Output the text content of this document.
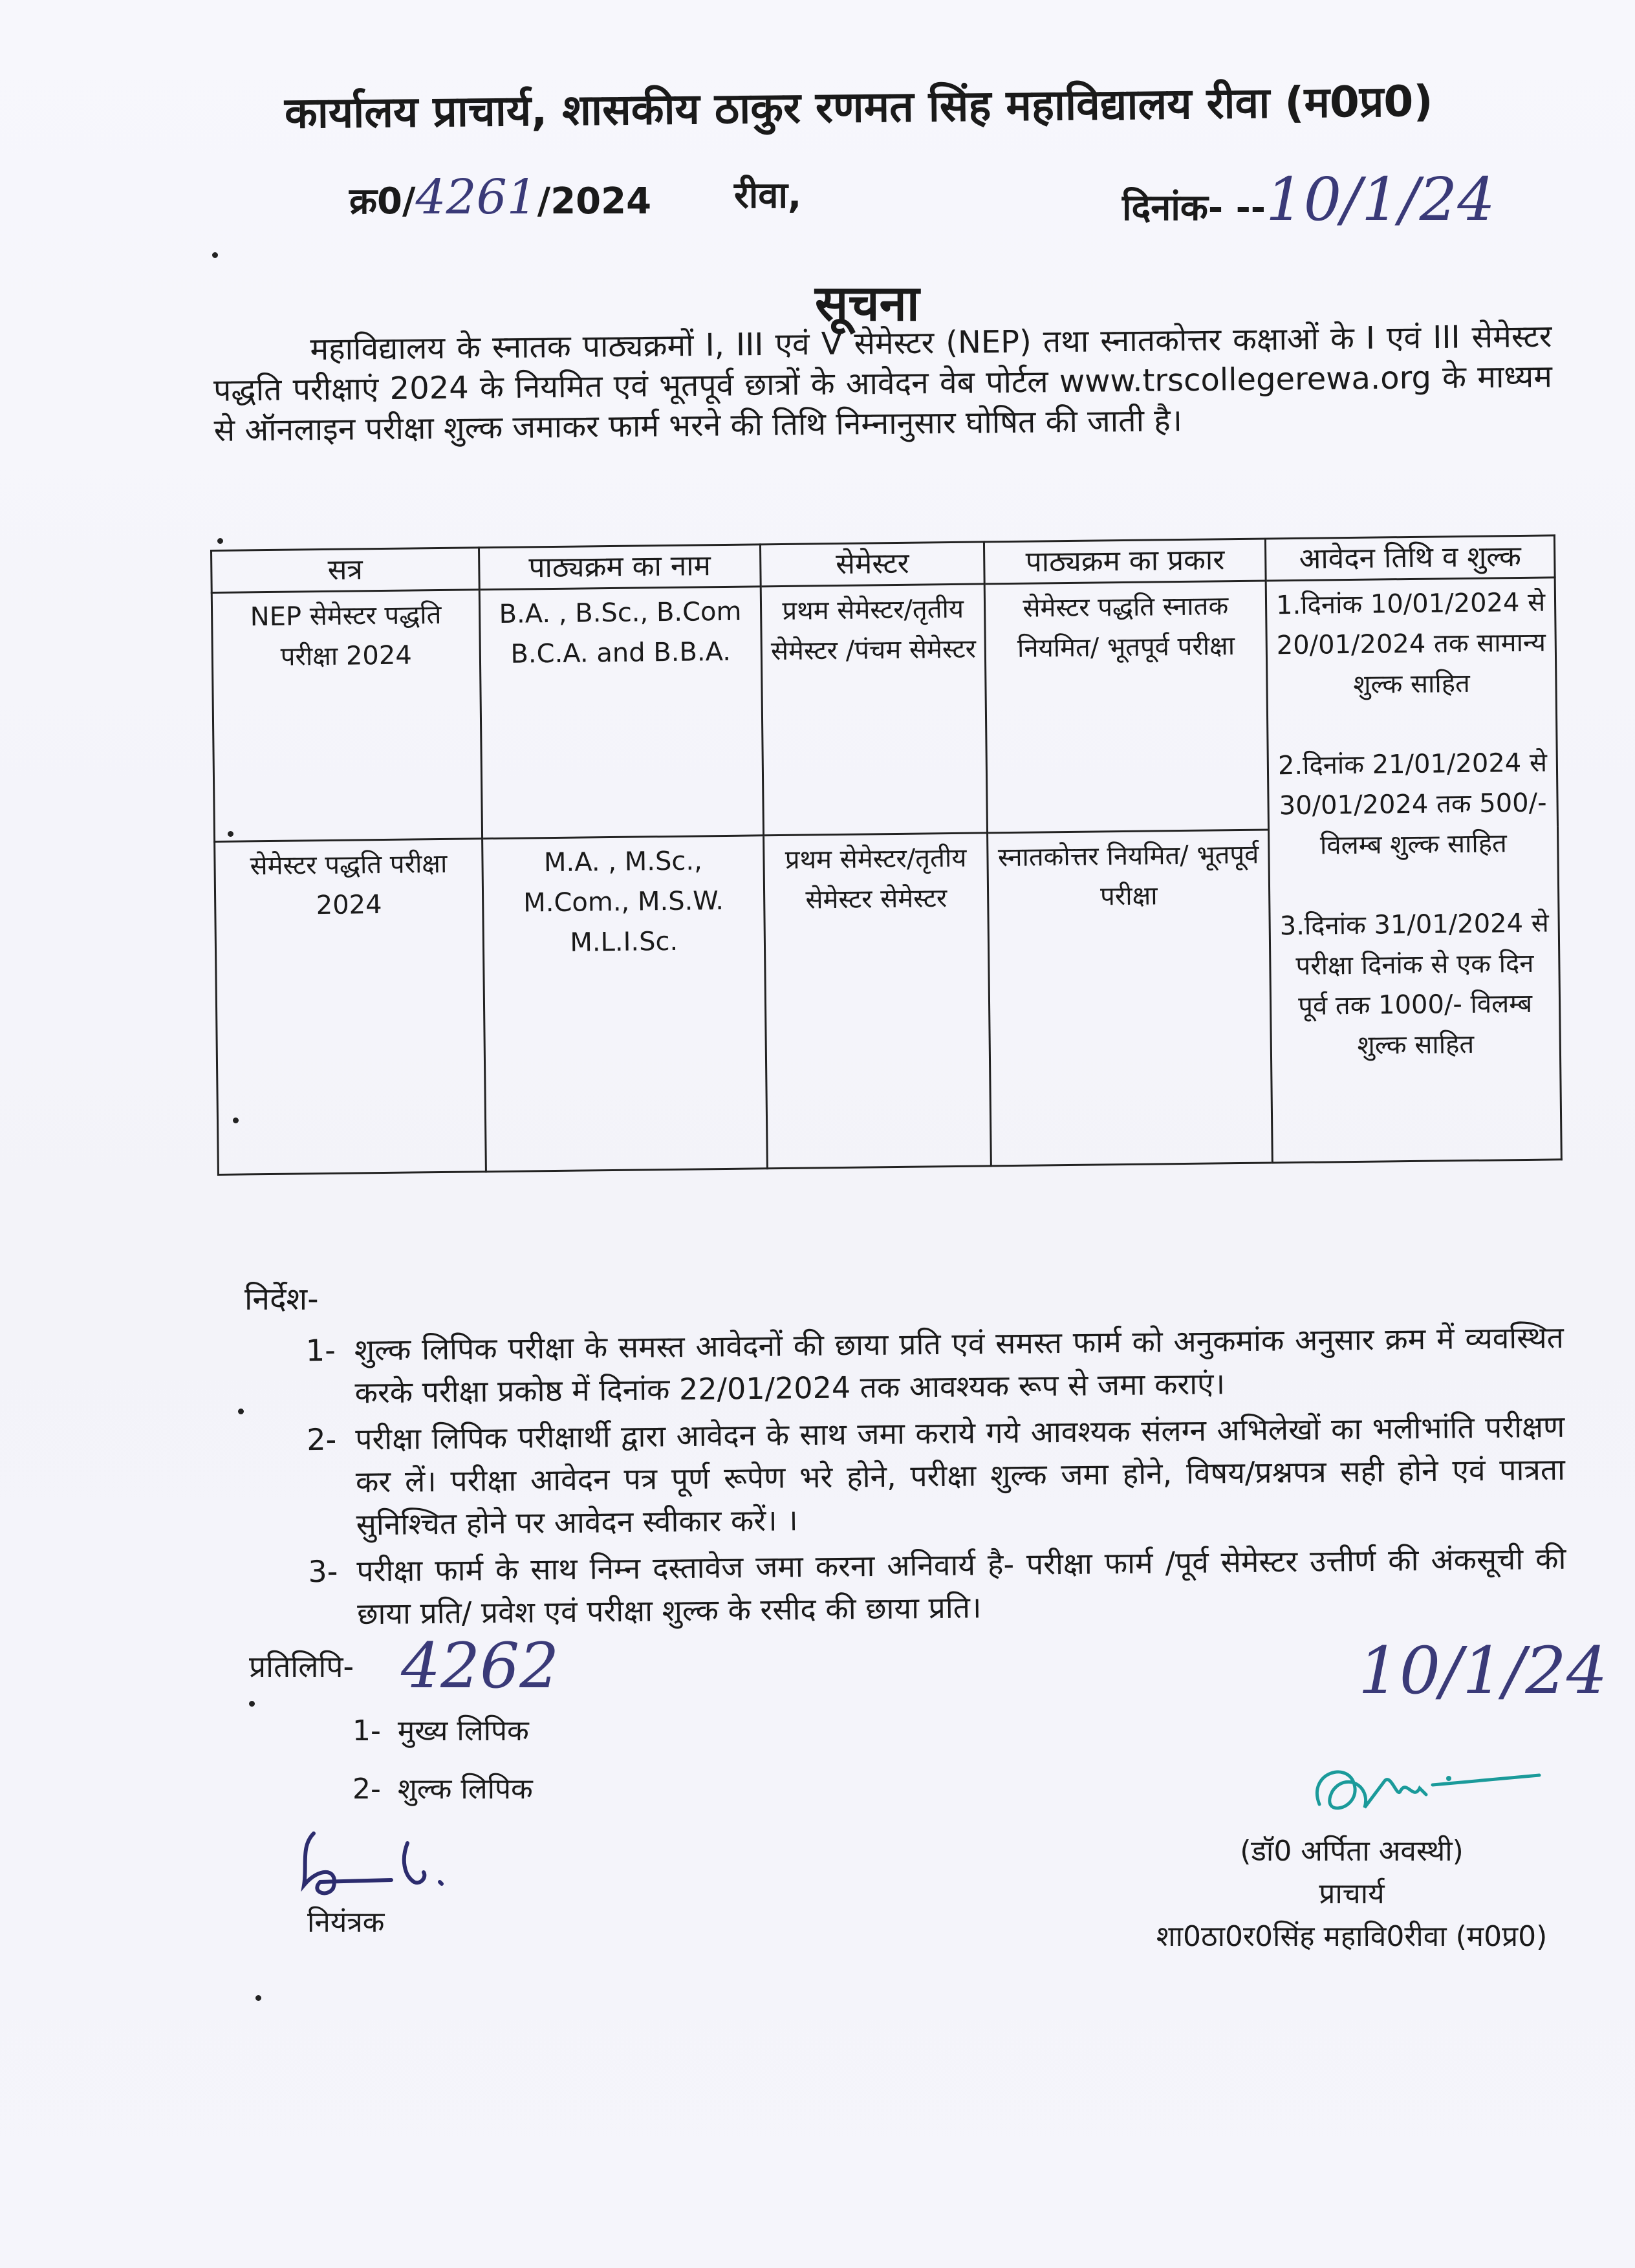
कार्यालय प्राचार्य, शासकीय ठाकुर रणमत सिंह महाविद्यालय रीवा (म0प्र0)
क्र0/4261/2024 रीवा,	दिनांक- --10/1/24
सूचना
महाविद्यालय के स्नातक पाठ्यक्रमों I, III एवं V सेमेस्टर (NEP) तथा स्नातकोत्तर कक्षाओं के I एवं III सेमेस्टर पद्धति परीक्षाएं 2024 के नियमित एवं भूतपूर्व छात्रों के आवेदन वेब पोर्टल www.trscollegerewa.org के माध्यम से ऑनलाइन परीक्षा शुल्क जमाकर फार्म भरने की तिथि निम्नानुसार घोषित की जाती है।
सत्र	पाठ्यक्रम का नाम	सेमेस्टर	पाठ्यक्रम का प्रकार	आवेदन तिथि व शुल्क
NEP सेमेस्टर पद्धति परीक्षा 2024	B.A. , B.Sc., B.Com B.C.A. and B.B.A.	प्रथम सेमेस्टर/तृतीय सेमेस्टर /पंचम सेमेस्टर	सेमेस्टर पद्धति स्नातक नियमित/ भूतपूर्व परीक्षा	1.दिनांक 10/01/2024 से 20/01/2024 तक सामान्य शुल्क साहित
2.दिनांक 21/01/2024 से 30/01/2024 तक 500/- विलम्ब शुल्क साहित
3.दिनांक 31/01/2024 से परीक्षा दिनांक से एक दिन पूर्व तक 1000/- विलम्ब शुल्क साहित

सेमेस्टर पद्धति परीक्षा 2024	M.A. , M.Sc., M.Com., M.S.W. M.L.I.Sc.	प्रथम सेमेस्टर/तृतीय सेमेस्टर सेमेस्टर	स्नातकोत्तर नियमित/ भूतपूर्व परीक्षा	
निर्देश-
1- शुल्क लिपिक परीक्षा के समस्त आवेदनों की छाया प्रति एवं समस्त फार्म को अनुकमांक अनुसार क्रम में व्यवस्थित करके परीक्षा प्रकोष्ठ में दिनांक 22/01/2024 तक आवश्यक रूप से जमा कराएं।
2- परीक्षा लिपिक परीक्षार्थी द्वारा आवेदन के साथ जमा कराये गये आवश्यक संलग्न अभिलेखों का भलीभांति परीक्षण कर लें। परीक्षा आवेदन पत्र पूर्ण रूपेण भरे होने, परीक्षा शुल्क जमा होने, विषय/प्रश्नपत्र सही होने एवं पात्रता सुनिश्चित होने पर आवेदन स्वीकार करें। ।
3- परीक्षा फार्म के साथ निम्न दस्तावेज जमा करना अनिवार्य है- परीक्षा फार्म /पूर्व सेमेस्टर उत्तीर्ण की अंकसूची की छाया प्रति/ प्रवेश एवं परीक्षा शुल्क के रसीद की छाया प्रति।
प्रतिलिपि- 4262
1- मुख्य लिपिक
2- शुल्क लिपिक
10/1/24
(डॉ0 अर्पिता अवस्थी)
प्राचार्य
शा0ठा0र0सिंह महावि0रीवा (म0प्र0)
नियंत्रक
